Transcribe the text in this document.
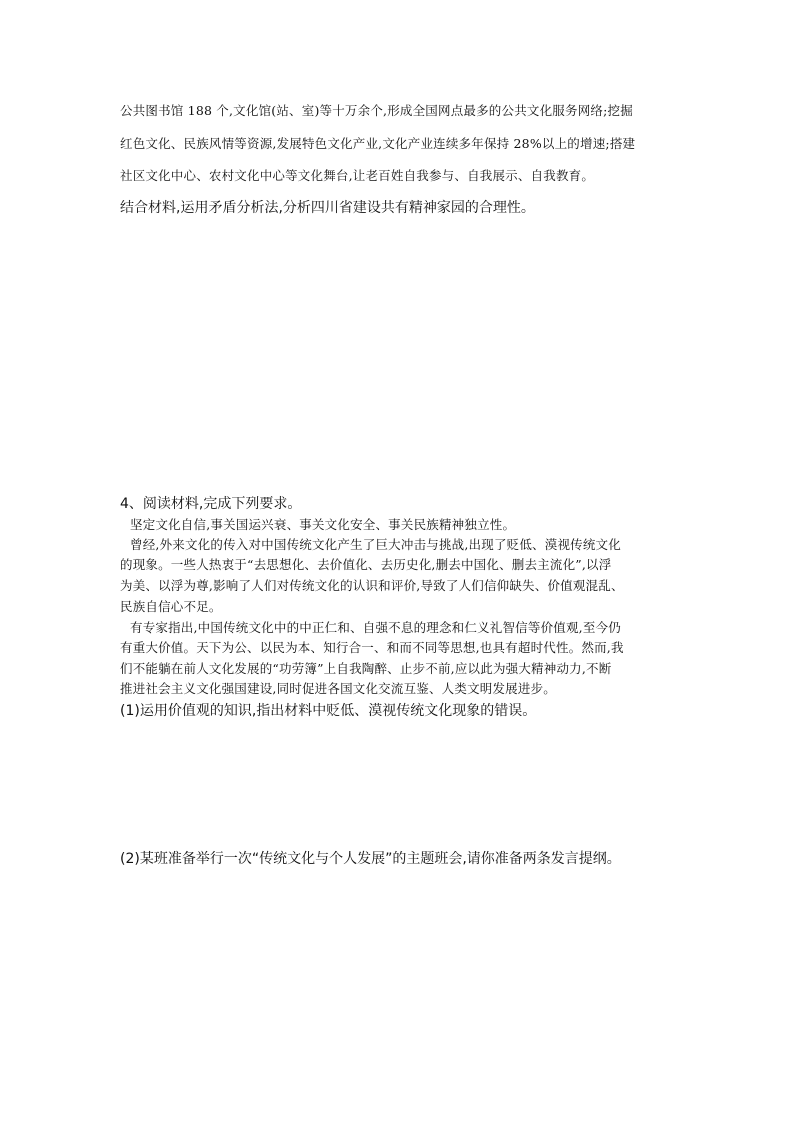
公共图书馆 188 个,文化馆(站、室)等十万余个,形成全国网点最多的公共文化服务网络;挖掘

红色文化、民族风情等资源,发展特色文化产业,文化产业连续多年保持 28%以上的增速;搭建

社区文化中心、农村文化中心等文化舞台,让老百姓自我参与、自我展示、自我教育。

结合材料,运用矛盾分析法,分析四川省建设共有精神家园的合理性。

4、阅读材料,完成下列要求。

坚定文化自信,事关国运兴衰、事关文化安全、事关民族精神独立性。

曾经,外来文化的传入对中国传统文化产生了巨大冲击与挑战,出现了贬低、漠视传统文化

的现象。一些人热衷于“去思想化、去价值化、去历史化,删去中国化、删去主流化”,以浮

为美、以浮为尊,影响了人们对传统文化的认识和评价,导致了人们信仰缺失、价值观混乱、

民族自信心不足。

有专家指出,中国传统文化中的中正仁和、自强不息的理念和仁义礼智信等价值观,至今仍

有重大价值。天下为公、以民为本、知行合一、和而不同等思想,也具有超时代性。然而,我

们不能躺在前人文化发展的“功劳簿”上自我陶醉、止步不前,应以此为强大精神动力,不断

推进社会主义文化强国建设,同时促进各国文化交流互鉴、人类文明发展进步。

(1)运用价值观的知识,指出材料中贬低、漠视传统文化现象的错误。

(2)某班准备举行一次“传统文化与个人发展”的主题班会,请你准备两条发言提纲。
